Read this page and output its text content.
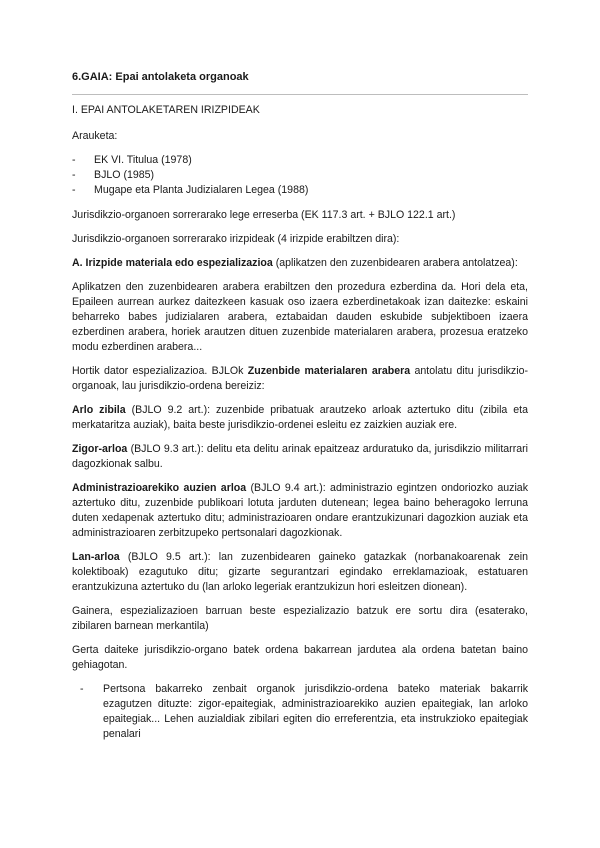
6.GAIA: Epai antolaketa organoak
I. EPAI ANTOLAKETAREN IRIZPIDEAK

Arauketa:

- EK VI. Titulua (1978)
- BJLO (1985)
- Mugape eta Planta Judizialaren Legea (1988)

Jurisdikzio-organoen sorrerarako lege erreserba (EK 117.3 art. + BJLO 122.1 art.)

Jurisdikzio-organoen sorrerarako irizpideak (4 irizpide erabiltzen dira):

A. Irizpide materiala edo espezializazioa (aplikatzen den zuzenbidearen arabera antolatzea):

Aplikatzen den zuzenbidearen arabera erabiltzen den prozedura ezberdina da. Hori dela eta, Epaileen aurrean aurkez daitezkeen kasuak oso izaera ezberdinetakoak izan daitezke: eskaini beharreko babes judizialaren arabera, eztabaidan dauden eskubide subjektiboen izaera ezberdinen arabera, horiek arautzen dituen zuzenbide materialaren arabera, prozesua eratzeko modu ezberdinen arabera...

Hortik dator espezializazioa. BJLOk Zuzenbide materialaren arabera antolatu ditu jurisdikzio-organoak, lau jurisdikzio-ordena bereiziz:

Arlo zibila (BJLO 9.2 art.): zuzenbide pribatuak arautzeko arloak aztertuko ditu (zibila eta merkataritza auziak), baita beste jurisdikzio-ordenei esleitu ez zaizkien auziak ere.

Zigor-arloa (BJLO 9.3 art.): delitu eta delitu arinak epaitzeaz arduratuko da, jurisdikzio militarrari dagozkionak salbu.

Administrazioarekiko auzien arloa (BJLO 9.4 art.): administrazio egintzen ondoriozko auziak aztertuko ditu, zuzenbide publikoari lotuta jarduten dutenean; legea baino beheragoko lerruna duten xedapenak aztertuko ditu; administrazioaren ondare erantzukizunari dagozkion auziak eta administrazioaren zerbitzupeko pertsonalari dagozkionak.

Lan-arloa (BJLO 9.5 art.): lan zuzenbidearen gaineko gatazkak (norbanakoarenak zein kolektiboak) ezagutuko ditu; gizarte segurantzari egindako erreklamazioak, estatuaren erantzukizuna aztertuko du (lan arloko legeriak erantzukizun hori esleitzen dionean).

Gainera, espezializazioen barruan beste espezializazio batzuk ere sortu dira (esaterako, zibilaren barnean merkantila)

Gerta daiteke jurisdikzio-organo batek ordena bakarrean jardutea ala ordena batetan baino gehiagotan.

- Pertsona bakarreko zenbait organok jurisdikzio-ordena bateko materiak bakarrik ezagutzen dituzte: zigor-epaitegiak, administrazioarekiko auzien epaitegiak, lan arloko epaitegiak... Lehen auzialdiak zibilari egiten dio erreferentzia, eta instrukzioko epaitegiak penalari
